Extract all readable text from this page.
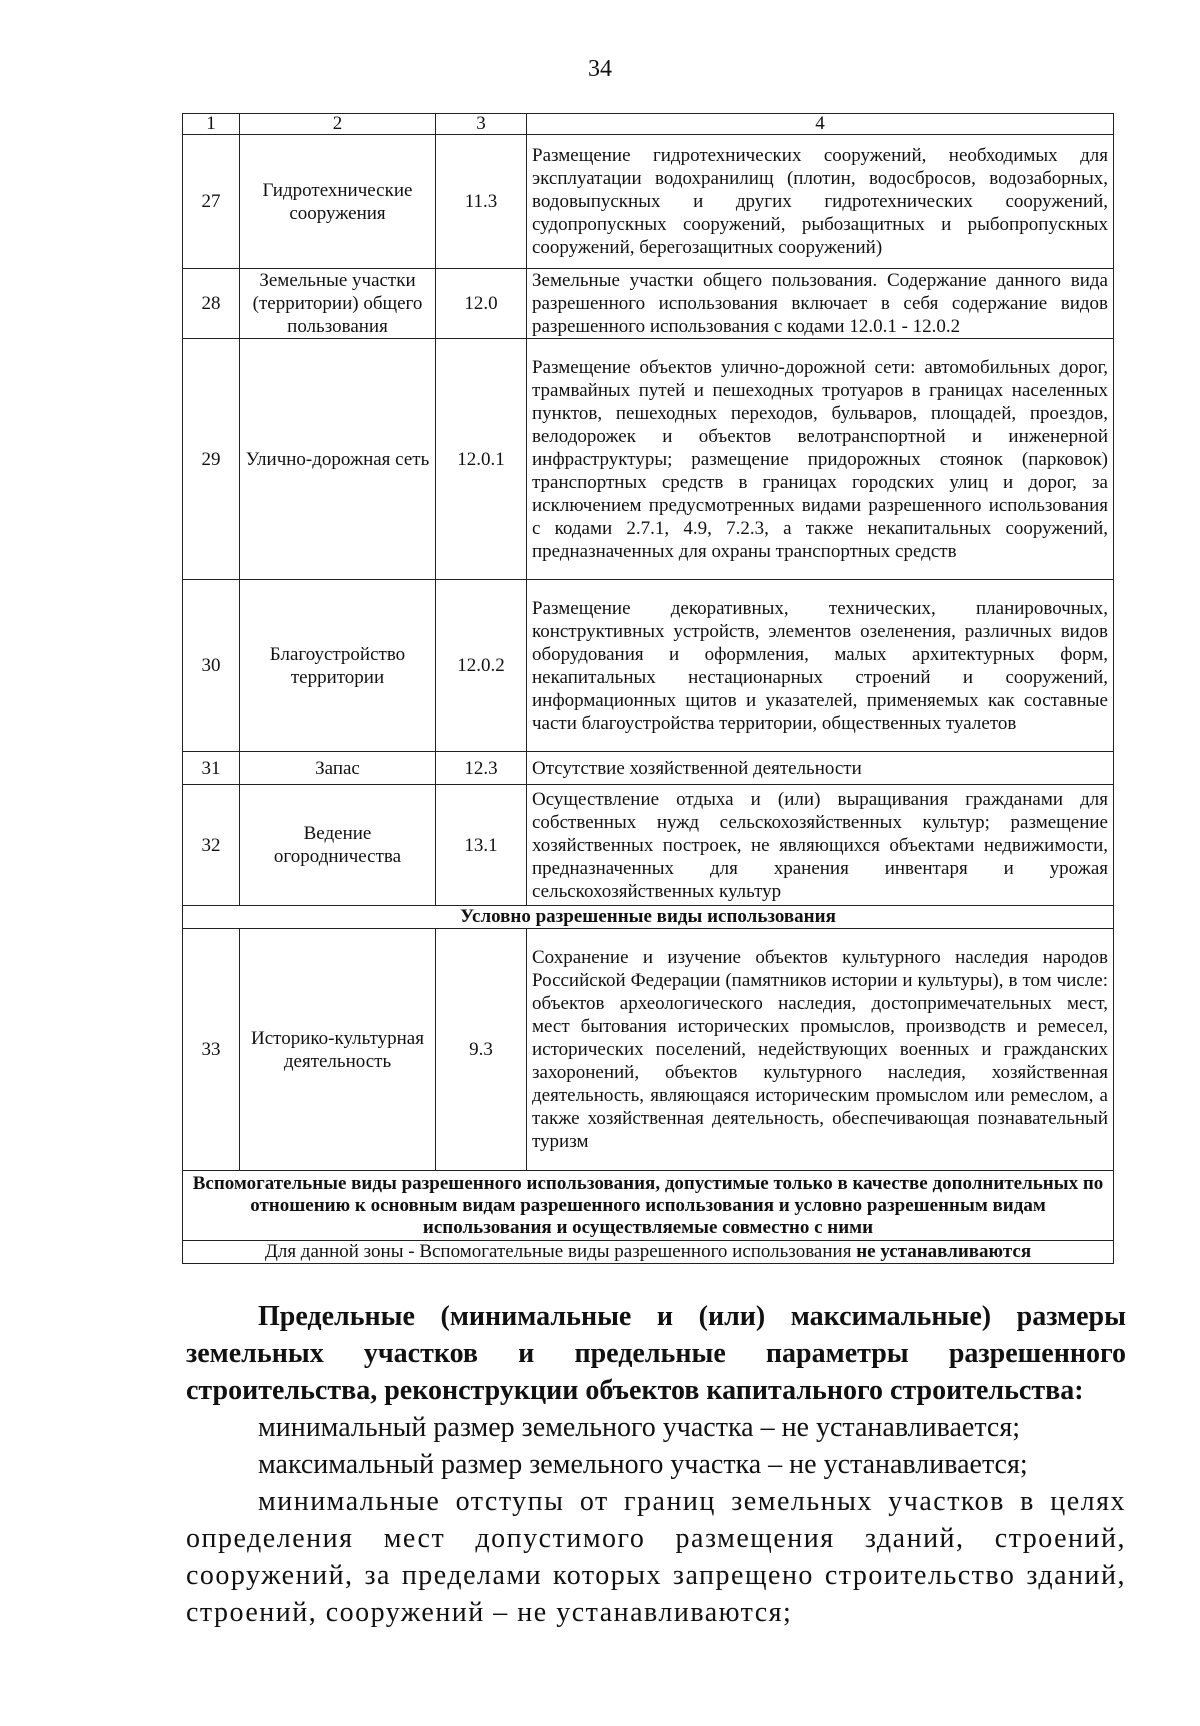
34
1	2	3	4
27	Гидротехнические сооружения	11.3	Размещение гидротехнических сооружений, необходимых для эксплуатации водохранилищ (плотин, водосбросов, водозаборных, водовыпускных и других гидротехнических сооружений, судопропускных сооружений, рыбозащитных и рыбопропускных сооружений, берегозащитных сооружений)
28	Земельные участки (территории) общего пользования	12.0	Земельные участки общего пользования. Содержание данного вида разрешенного использования включает в себя содержание видов разрешенного использования с кодами 12.0.1 - 12.0.2
29	Улично-дорожная сеть	12.0.1	Размещение объектов улично-дорожной сети: автомобильных дорог, трамвайных путей и пешеходных тротуаров в границах населенных пунктов, пешеходных переходов, бульваров, площадей, проездов, велодорожек и объектов велотранспортной и инженерной инфраструктуры; размещение придорожных стоянок (парковок) транспортных средств в границах городских улиц и дорог, за исключением предусмотренных видами разрешенного использования с кодами 2.7.1, 4.9, 7.2.3, а также некапитальных сооружений, предназначенных для охраны транспортных средств
30	Благоустройство территории	12.0.2	Размещение декоративных, технических, планировочных, конструктивных устройств, элементов озеленения, различных видов оборудования и оформления, малых архитектурных форм, некапитальных нестационарных строений и сооружений, информационных щитов и указателей, применяемых как составные части благоустройства территории, общественных туалетов
31	Запас	12.3	Отсутствие хозяйственной деятельности
32	Ведение огородничества	13.1	Осуществление отдыха и (или) выращивания гражданами для собственных нужд сельскохозяйственных культур; размещение хозяйственных построек, не являющихся объектами недвижимости, предназначенных для хранения инвентаря и урожая сельскохозяйственных культур
Условно разрешенные виды использования			
33	Историко-культурная деятельность	9.3	Сохранение и изучение объектов культурного наследия народов Российской Федерации (памятников истории и культуры), в том числе: объектов археологического наследия, достопримечательных мест, мест бытования исторических промыслов, производств и ремесел, исторических поселений, недействующих военных и гражданских захоронений, объектов культурного наследия, хозяйственная деятельность, являющаяся историческим промыслом или ремеслом, а также хозяйственная деятельность, обеспечивающая познавательный туризм
Вспомогательные виды разрешенного использования, допустимые только в качестве дополнительных по отношению к основным видам разрешенного использования и условно разрешенным видам использования и осуществляемые совместно с ними			
Для данной зоны - Вспомогательные виды разрешенного использования не устанавливаются			

Предельные (минимальные и (или) максимальные) размеры земельных участков и предельные параметры разрешенного строительства, реконструкции объектов капитального строительства:

минимальный размер земельного участка – не устанавливается;

максимальный размер земельного участка – не устанавливается;

минимальные отступы от границ земельных участков в целях определения мест допустимого размещения зданий, строений, сооружений, за пределами которых запрещено строительство зданий, строений, сооружений – не устанавливаются;
